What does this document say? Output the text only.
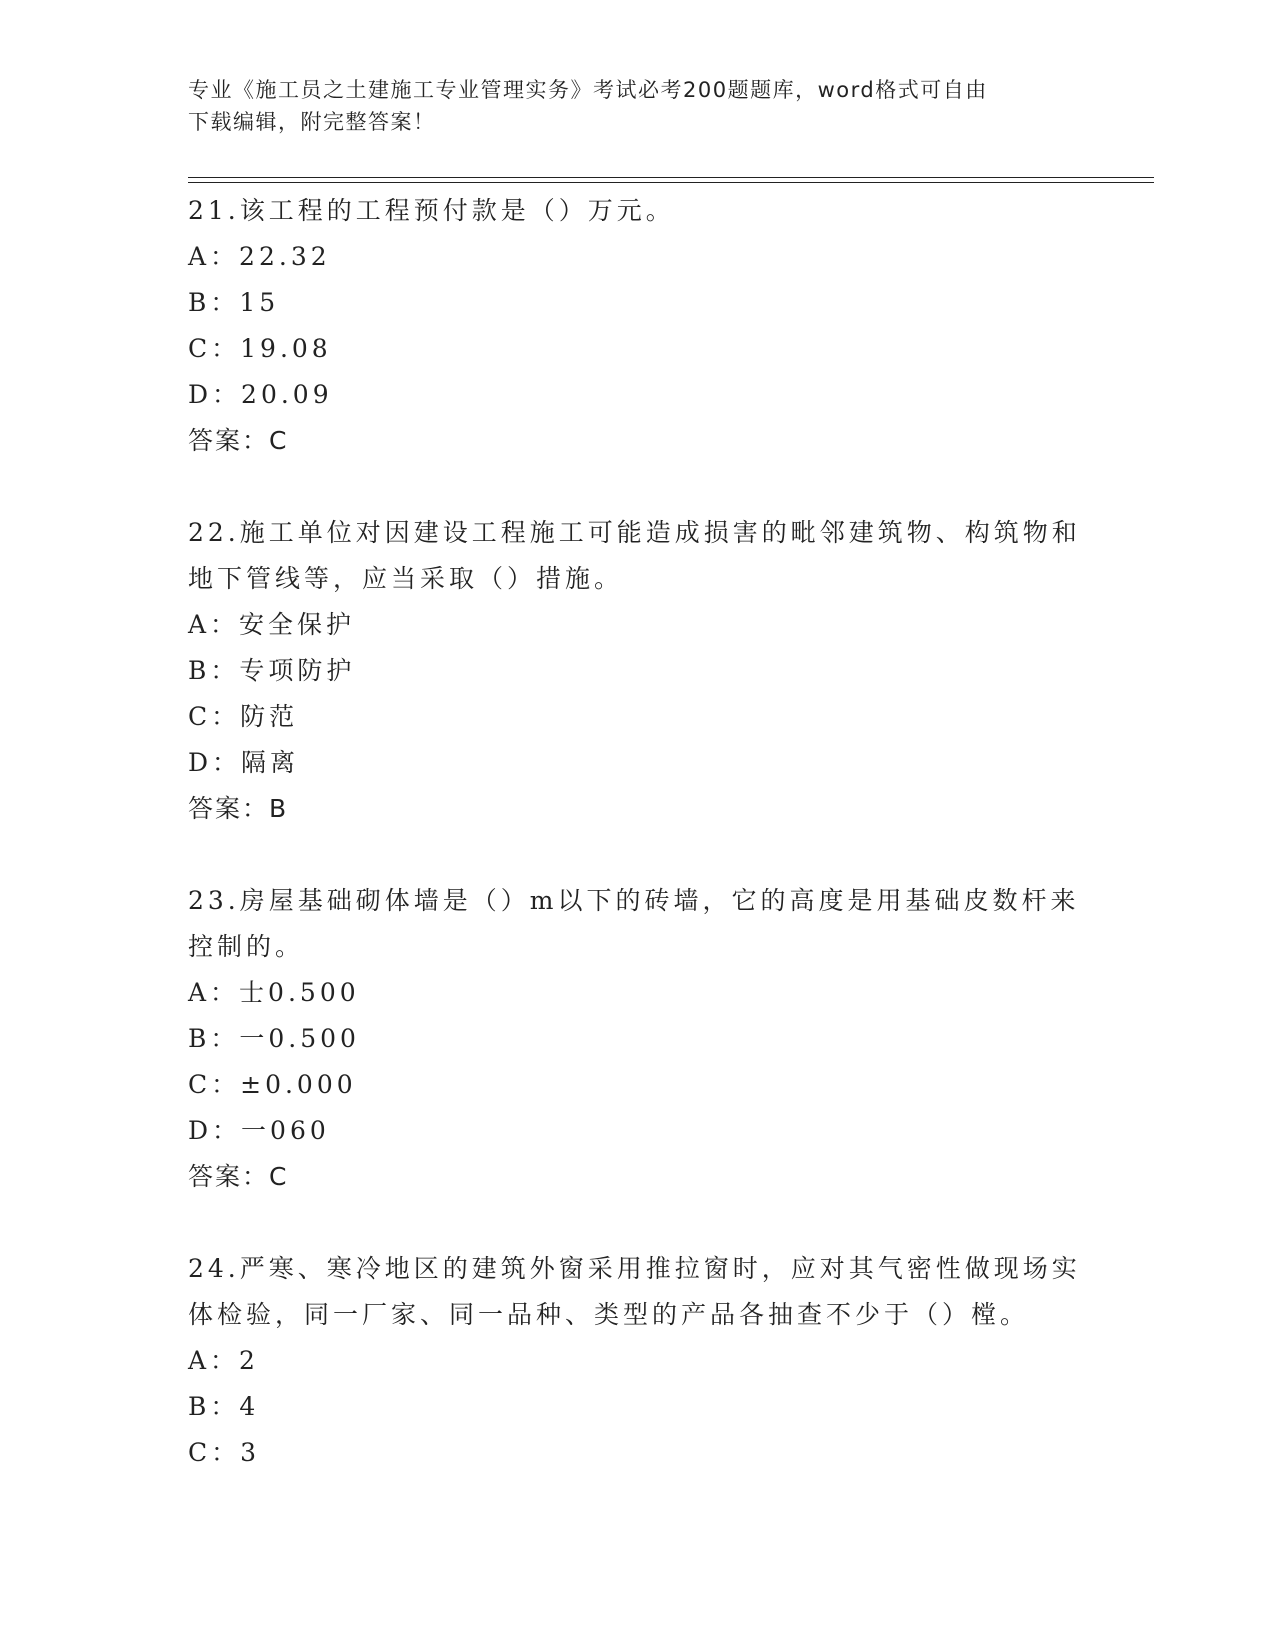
专业《施工员之土建施工专业管理实务》考试必考200题题库，word格式可自由
下载编辑，附完整答案！
21.该工程的工程预付款是（）万元。
A：22.32
B：15
C：19.08
D：20.09
答案：C
22.施工单位对因建设工程施工可能造成损害的毗邻建筑物、构筑物和
地下管线等，应当采取（）措施。
A：安全保护
B：专项防护
C：防范
D：隔离
答案：B
23.房屋基础砌体墙是（）m以下的砖墙，它的高度是用基础皮数杆来
控制的。
A：士0.500
B：一0.500
C：±0.000
D：一060
答案：C
24.严寒、寒冷地区的建筑外窗采用推拉窗时，应对其气密性做现场实
体检验，同一厂家、同一品种、类型的产品各抽查不少于（）樘。
A：2
B：4
C：3
